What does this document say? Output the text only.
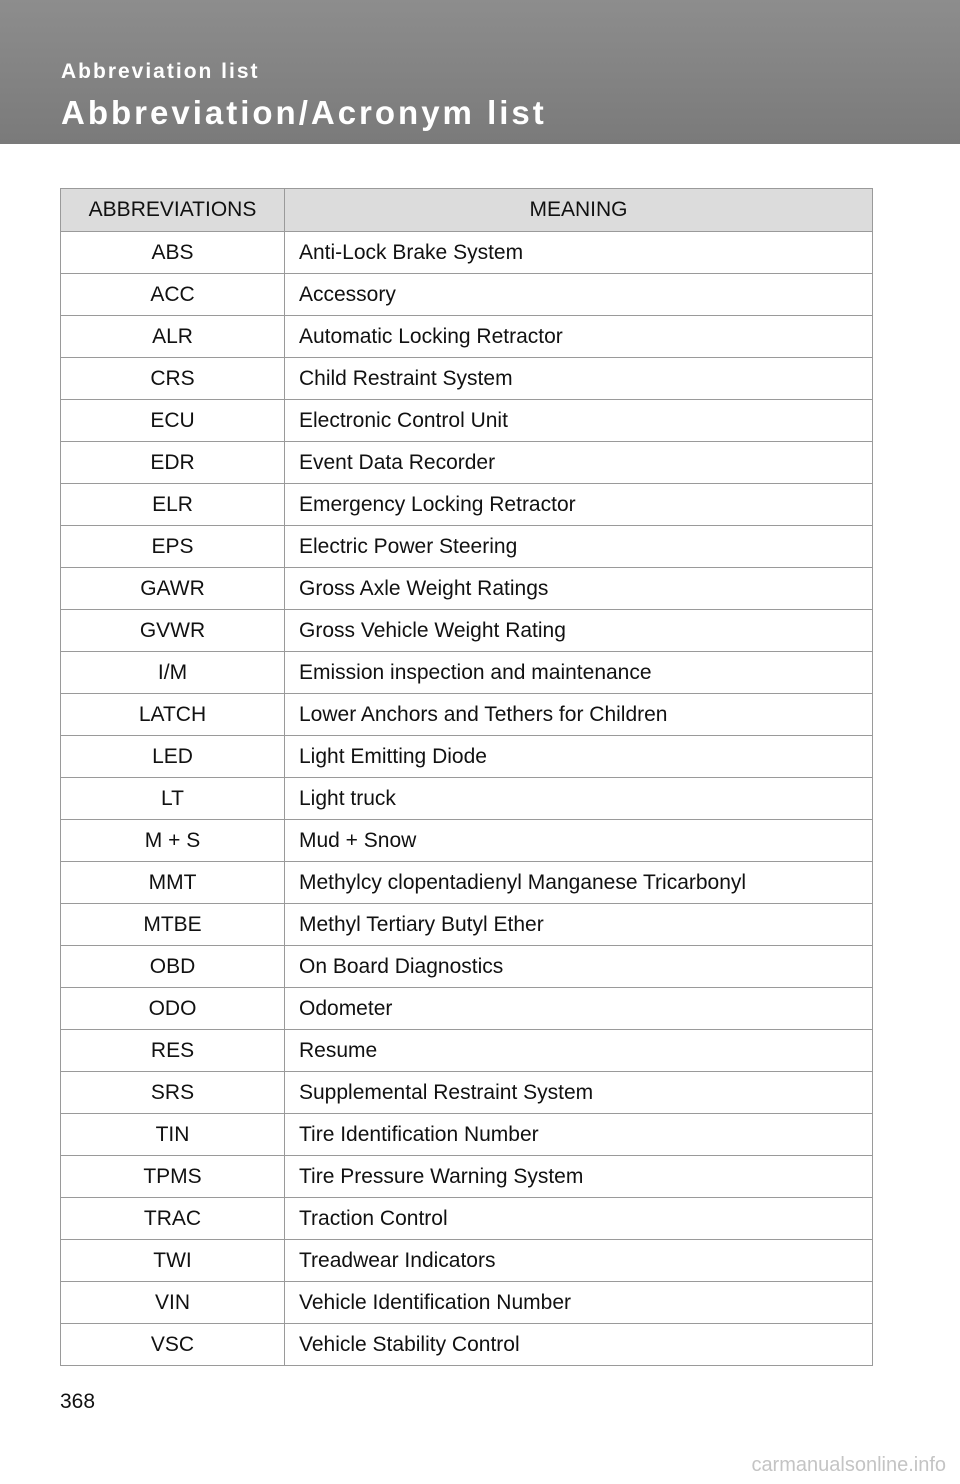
Abbreviation list
Abbreviation/Acronym list
ABBREVIATIONS	MEANING
ABS	Anti-Lock Brake System
ACC	Accessory
ALR	Automatic Locking Retractor
CRS	Child Restraint System
ECU	Electronic Control Unit
EDR	Event Data Recorder
ELR	Emergency Locking Retractor
EPS	Electric Power Steering
GAWR	Gross Axle Weight Ratings
GVWR	Gross Vehicle Weight Rating
I/M	Emission inspection and maintenance
LATCH	Lower Anchors and Tethers for Children
LED	Light Emitting Diode
LT	Light truck
M + S	Mud + Snow
MMT	Methylcy clopentadienyl Manganese Tricarbonyl
MTBE	Methyl Tertiary Butyl Ether
OBD	On Board Diagnostics
ODO	Odometer
RES	Resume
SRS	Supplemental Restraint System
TIN	Tire Identification Number
TPMS	Tire Pressure Warning System
TRAC	Traction Control
TWI	Treadwear Indicators
VIN	Vehicle Identification Number
VSC	Vehicle Stability Control
368
carmanualsonline.info
